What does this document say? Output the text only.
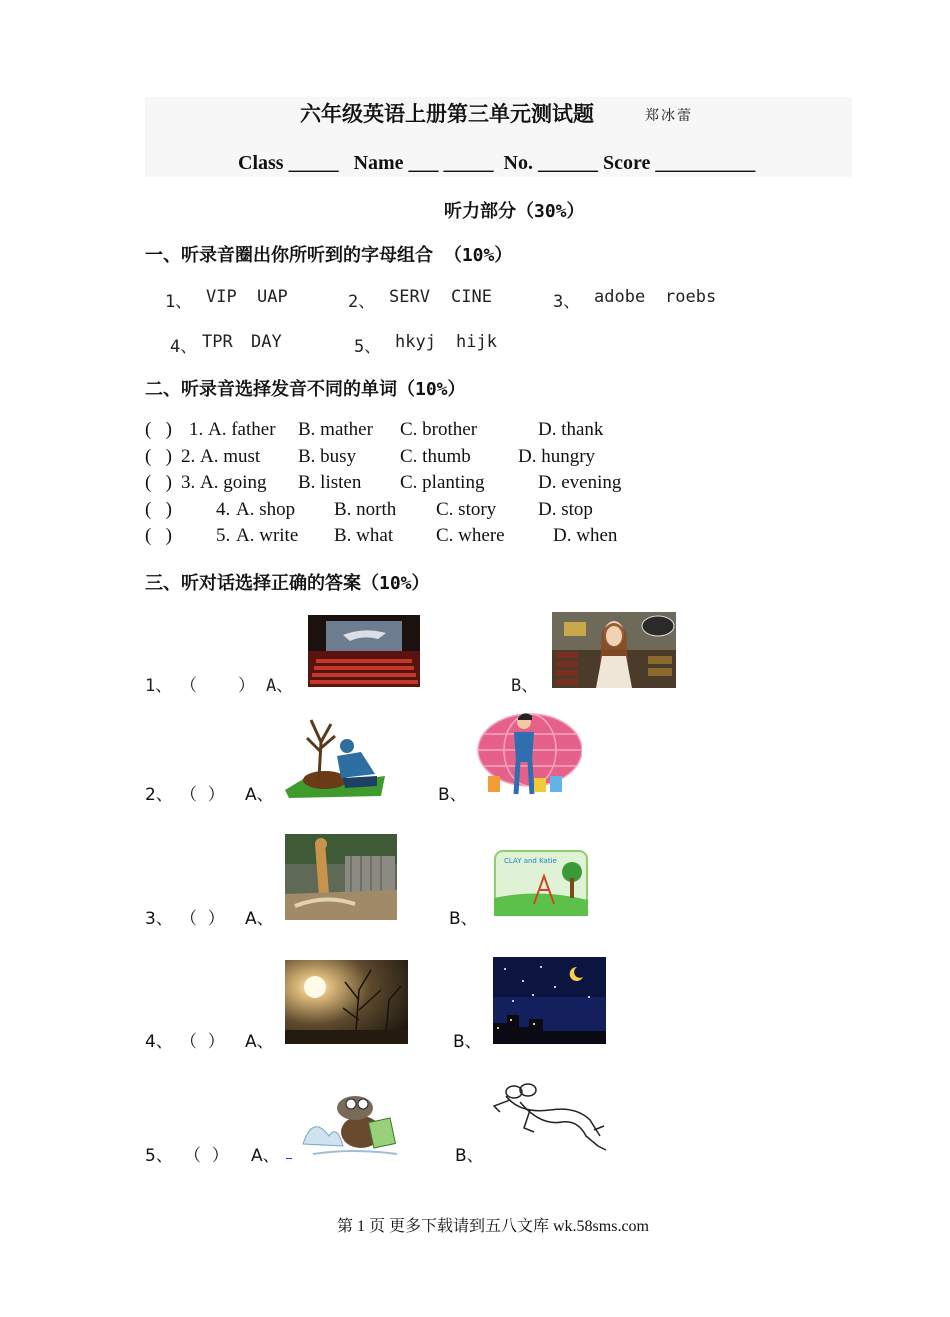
六年级英语上册第三单元测试题	郑冰蕾
Class _____   Name ___ _____  No. ______ Score __________
听力部分（30%）
一、听录音圈出你所听到的字母组合 （10%）
1、 VIP UAP	2、 SERV CINE	3、 adobe roebs
4、 TPR DAY	5、 hkyj hijk
二、听录音选择发音不同的单词（10%）
(   ) 1. A. father B. mather C. brother	D. thank
(   ) 2. A. must B. busy C. thumb D. hungry
(   ) 3. A. going B. listen C. planting	D. evening
(   ) 4. A. shop B. north C. story D. stop
(   ) 5. A. write B. what C. where	D. when
三、听对话选择正确的答案（10%）
1、 （    ） A、	B、
2、 （  ） A、	B、
3、 （  ） A、	B、
CLAY and Katie
4、 （  ） A、	B、
5、 （  ） A、	B、
第 1 页 更多下载请到五八文库 wk.58sms.com
